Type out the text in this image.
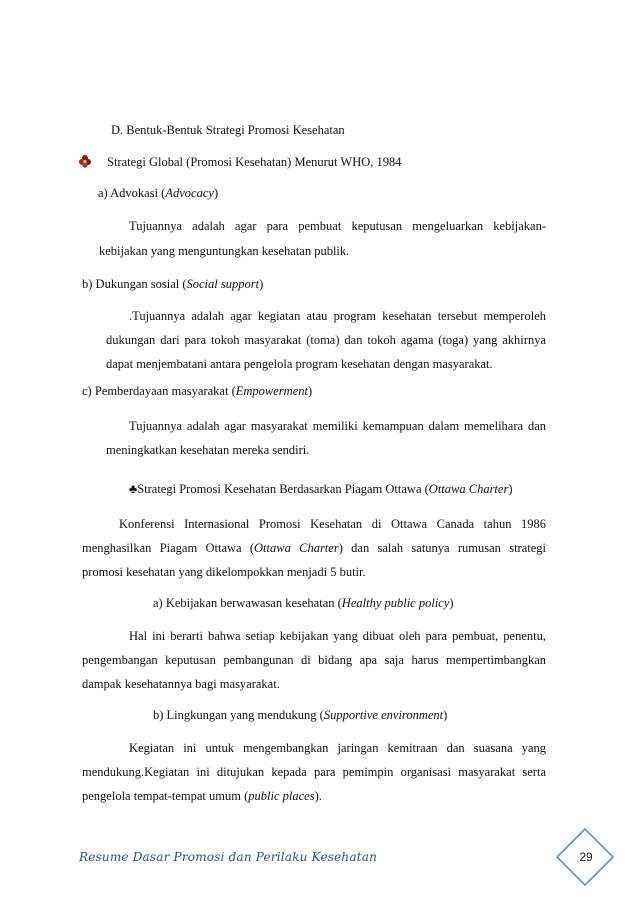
D. Bentuk-Bentuk Strategi Promosi Kesehatan
Strategi Global (Promosi Kesehatan) Menurut WHO, 1984
a) Advokasi (Advocacy)
Tujuannya adalah agar para pembuat keputusan mengeluarkan kebijakan-
kebijakan yang menguntungkan kesehatan publik.
b) Dukungan sosial (Social support)
.Tujuannya adalah agar kegiatan atau program kesehatan tersebut memperoleh
dukungan dari para tokoh masyarakat (toma) dan tokoh agama (toga) yang akhirnya
dapat menjembatani antara pengelola program kesehatan dengan masyarakat.
c) Pemberdayaan masyarakat (Empowerment)
Tujuannya adalah agar masyarakat memiliki kemampuan dalam memelihara dan
meningkatkan kesehatan mereka sendiri.
♣Strategi Promosi Kesehatan Berdasarkan Piagam Ottawa (Ottawa Charter)
Konferensi Internasional Promosi Kesehatan di Ottawa Canada tahun 1986
menghasilkan Piagam Ottawa (Ottawa Charter) dan salah satunya rumusan strategi
promosi kesehatan yang dikelompokkan menjadi 5 butir.
a) Kebijakan berwawasan kesehatan (Healthy public policy)
Hal ini berarti bahwa setiap kebijakan yang dibuat oleh para pembuat, penentu,
pengembangan keputusan pembangunan di bidang apa saja harus mempertimbangkan
dampak kesehatannya bagi masyarakat.
b) Lingkungan yang mendukung (Supportive environment)
Kegiatan ini untuk mengembangkan jaringan kemitraan dan suasana yang
mendukung.Kegiatan ini ditujukan kepada para pemimpin organisasi masyarakat serta
pengelola tempat-tempat umum (public places).
Resume Dasar Promosi dan Perilaku Kesehatan	29
